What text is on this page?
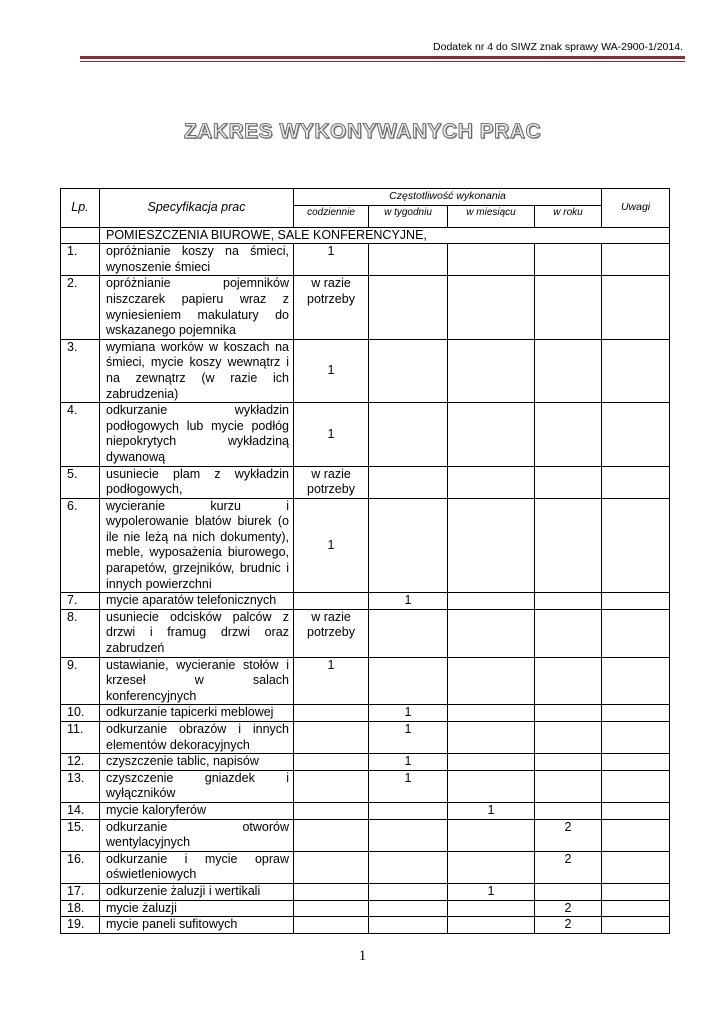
Dodatek nr 4 do SIWZ znak sprawy WA-2900-1/2014.
ZAKRES WYKONYWANYCH PRAC
Lp.	Specyfikacja prac	Częstotliwość wykonania				Uwagi
		codziennie	w tygodniu	w miesiącu	w roku	
	POMIESZCZENIA BIUROWE, SALE KONFERENCYJNE,					
1.	opróżnianie koszy na śmieci, wynoszenie śmieci	1				
2.	opróżnianie pojemników niszczarek papieru wraz z wyniesieniem makulatury do wskazanego pojemnika	w razie potrzeby				
3.	wymiana worków w koszach na śmieci, mycie koszy wewnątrz i na zewnątrz (w razie ich zabrudzenia)	1				
4.	odkurzanie wykładzin podłogowych lub mycie podłóg niepokrytych wykładziną dywanową	1				
5.	usuniecie plam z wykładzin podłogowych,	w razie potrzeby				
6.	wycieranie kurzu i wypolerowanie blatów biurek (o ile nie leżą na nich dokumenty), meble, wyposażenia biurowego, parapetów, grzejników, brudnic i innych powierzchni	1				
7.	mycie aparatów telefonicznych		1			
8.	usuniecie odcisków palców z drzwi i framug drzwi oraz zabrudzeń	w razie potrzeby				
9.	ustawianie, wycieranie stołów i krzeseł w salach konferencyjnych	1				
10.	odkurzanie tapicerki meblowej		1			
11.	odkurzanie obrazów i innych elementów dekoracyjnych		1			
12.	czyszczenie tablic, napisów		1			
13.	czyszczenie gniazdek i wyłączników		1			
14.	mycie kaloryferów			1		
15.	odkurzanie otworów wentylacyjnych				2	
16.	odkurzanie i mycie opraw oświetleniowych				2	
17.	odkurzenie żaluzji i wertikali			1		
18.	mycie żaluzji				2	
19.	mycie paneli sufitowych				2	
1
